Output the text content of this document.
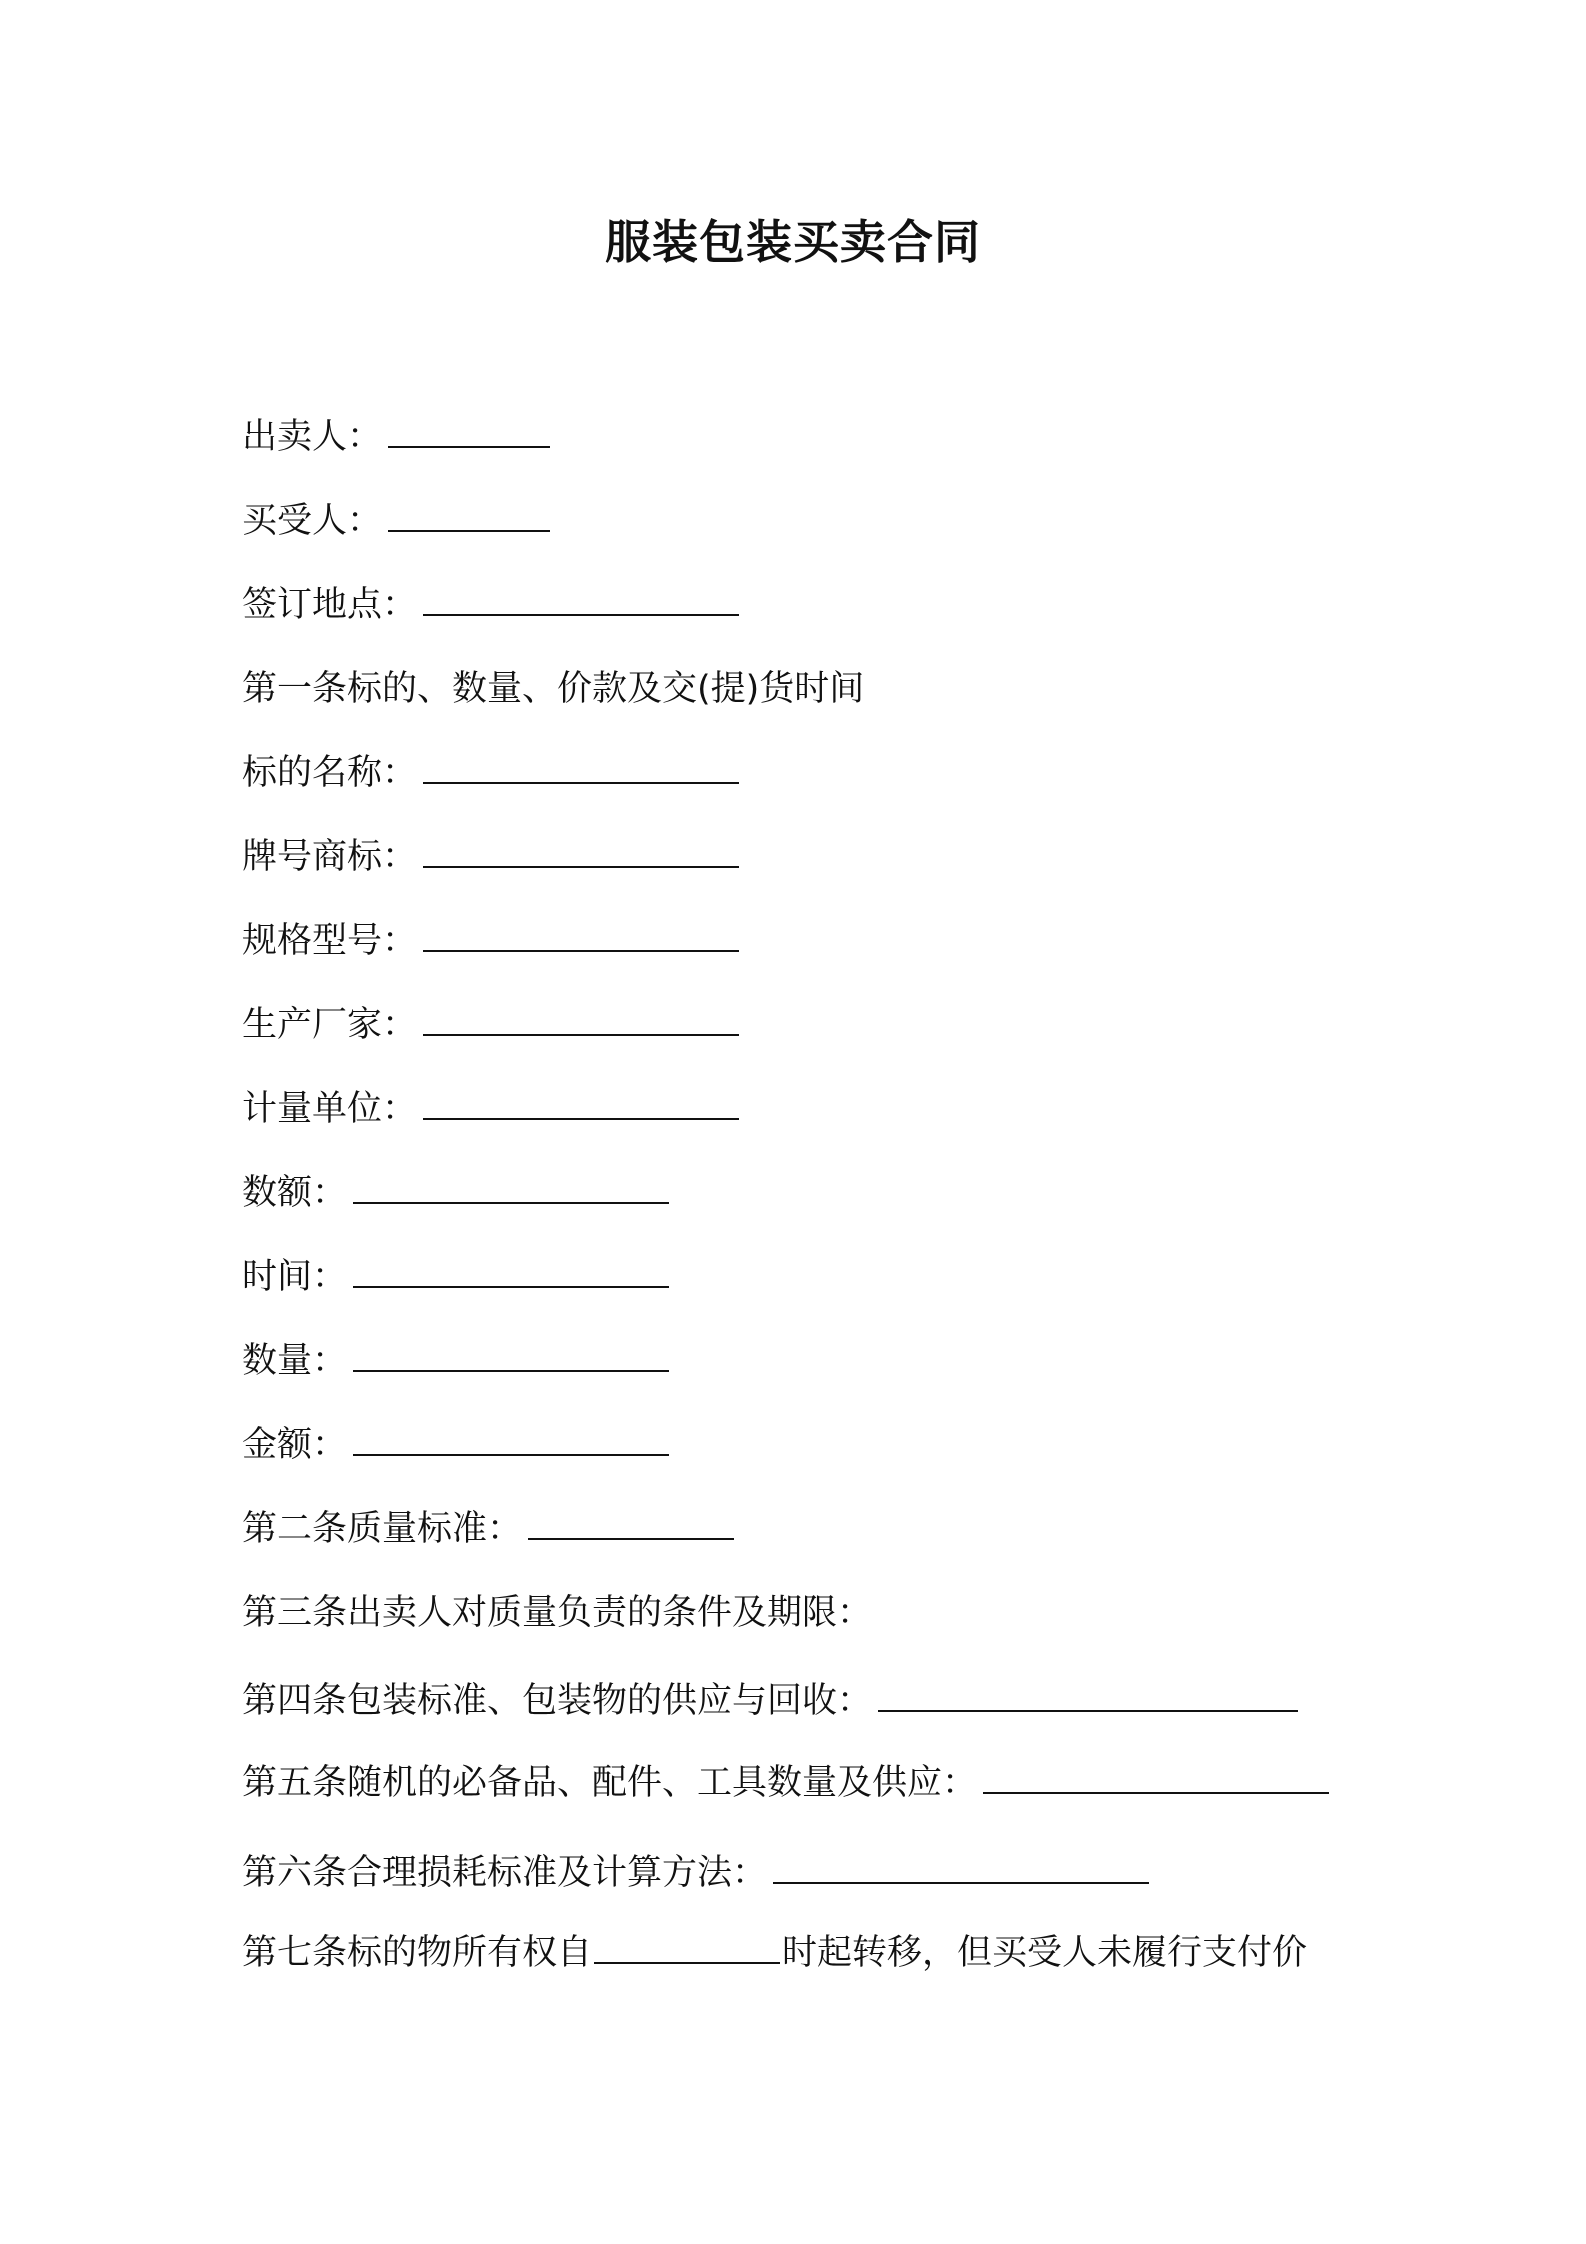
服装包装买卖合同

出卖人：

买受人：

签订地点：

第一条标的、数量、价款及交(提)货时间

标的名称：

牌号商标：

规格型号：

生产厂家：

计量单位：

数额：

时间：

数量：

金额：

第二条质量标准：

第三条出卖人对质量负责的条件及期限：

第四条包装标准、包装物的供应与回收：

第五条随机的必备品、配件、工具数量及供应：

第六条合理损耗标准及计算方法：

第七条标的物所有权自	时起转移，但买受人未履行支付价
